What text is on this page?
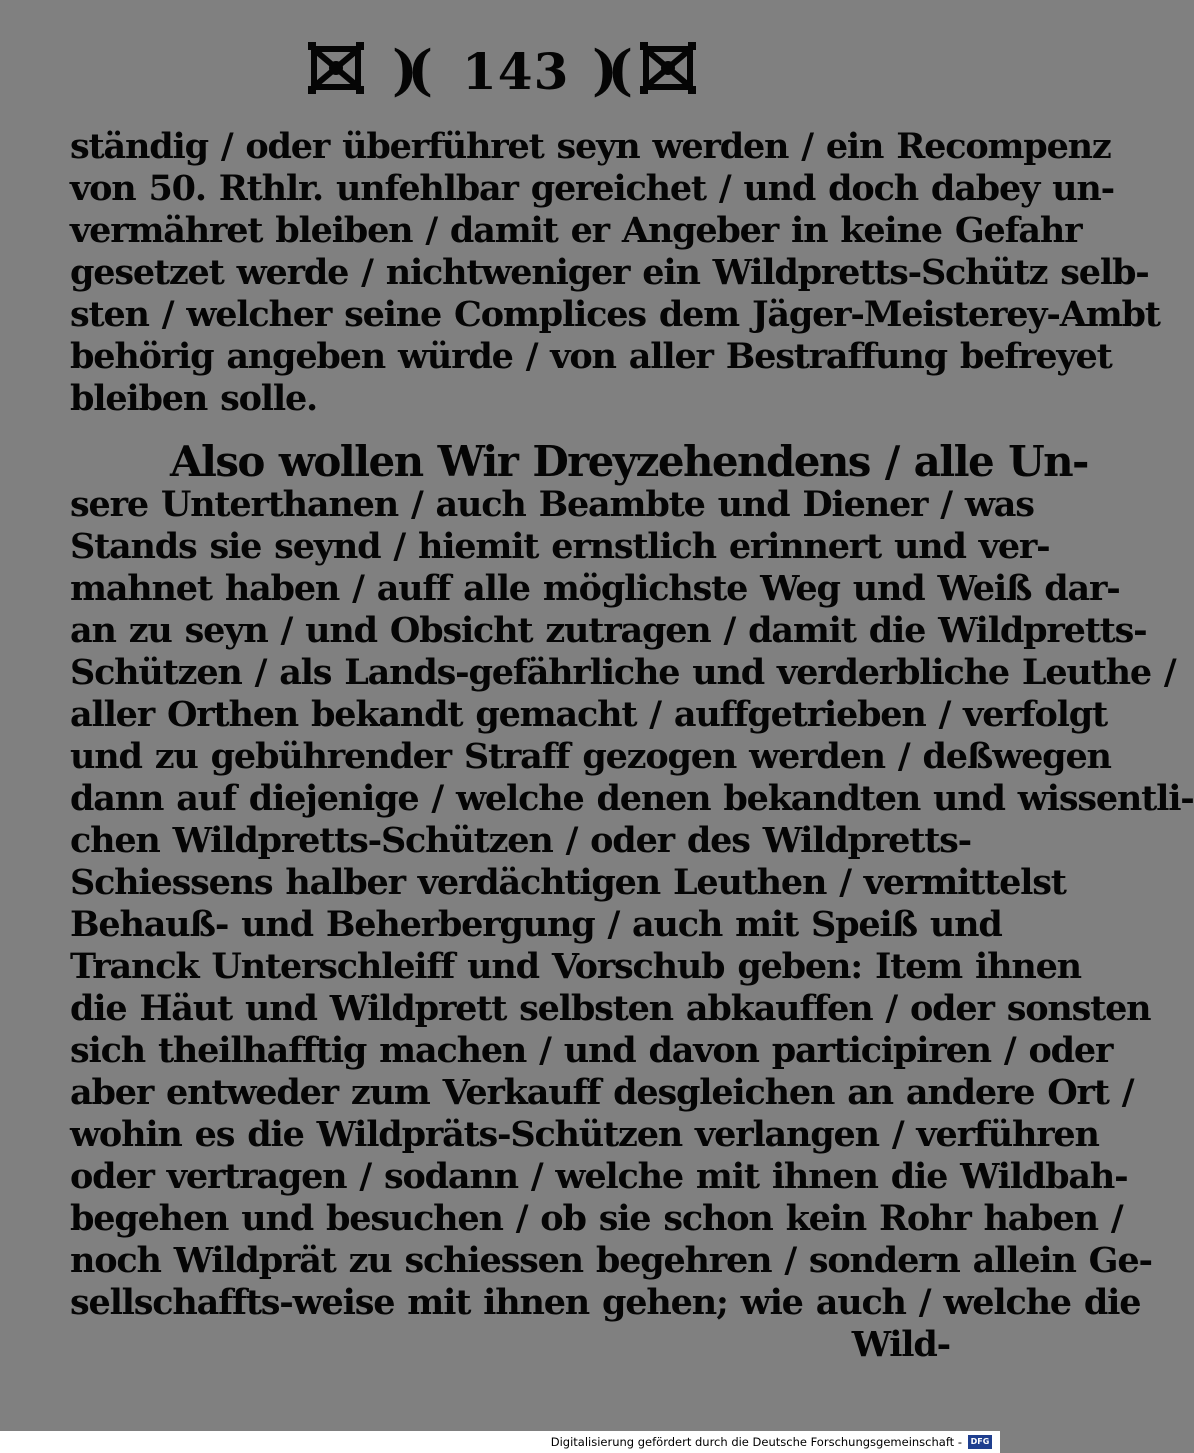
)( 143 )(
ständig / oder überführet seyn werden / ein Recompenz
von 50. Rthlr. unfehlbar gereichet / und doch dabey un-
vermähret bleiben / damit er Angeber in keine Gefahr
gesetzet werde / nichtweniger ein Wildpretts-Schütz selb-
sten / welcher seine Complices dem Jäger-Meisterey-Ambt
behörig angeben würde / von aller Bestraffung befreyet
bleiben solle.
Also wollen Wir Dreyzehendens / alle Un-
sere Unterthanen / auch Beambte und Diener / was
Stands sie seynd / hiemit ernstlich erinnert und ver-
mahnet haben / auff alle möglichste Weg und Weiß dar-
an zu seyn / und Obsicht zutragen / damit die Wildpretts-
Schützen / als Lands-gefährliche und verderbliche Leuthe /
aller Orthen bekandt gemacht / auffgetrieben / verfolgt
und zu gebührender Straff gezogen werden / deßwegen
dann auf diejenige / welche denen bekandten und wissentli-
chen Wildpretts-Schützen / oder des Wildpretts-
Schiessens halber verdächtigen Leuthen / vermittelst
Behauß- und Beherbergung / auch mit Speiß und
Tranck Unterschleiff und Vorschub geben: Item ihnen
die Häut und Wildprett selbsten abkauffen / oder sonsten
sich theilhafftig machen / und davon participiren / oder
aber entweder zum Verkauff desgleichen an andere Ort /
wohin es die Wildpräts-Schützen verlangen / verführen
oder vertragen / sodann / welche mit ihnen die Wildbah-
begehen und besuchen / ob sie schon kein Rohr haben /
noch Wildprät zu schiessen begehren / sondern allein Ge-
sellschaffts-weise mit ihnen gehen; wie auch / welche die
Wild-
Digitalisierung gefördert durch die Deutsche Forschungsgemeinschaft -	DFG
